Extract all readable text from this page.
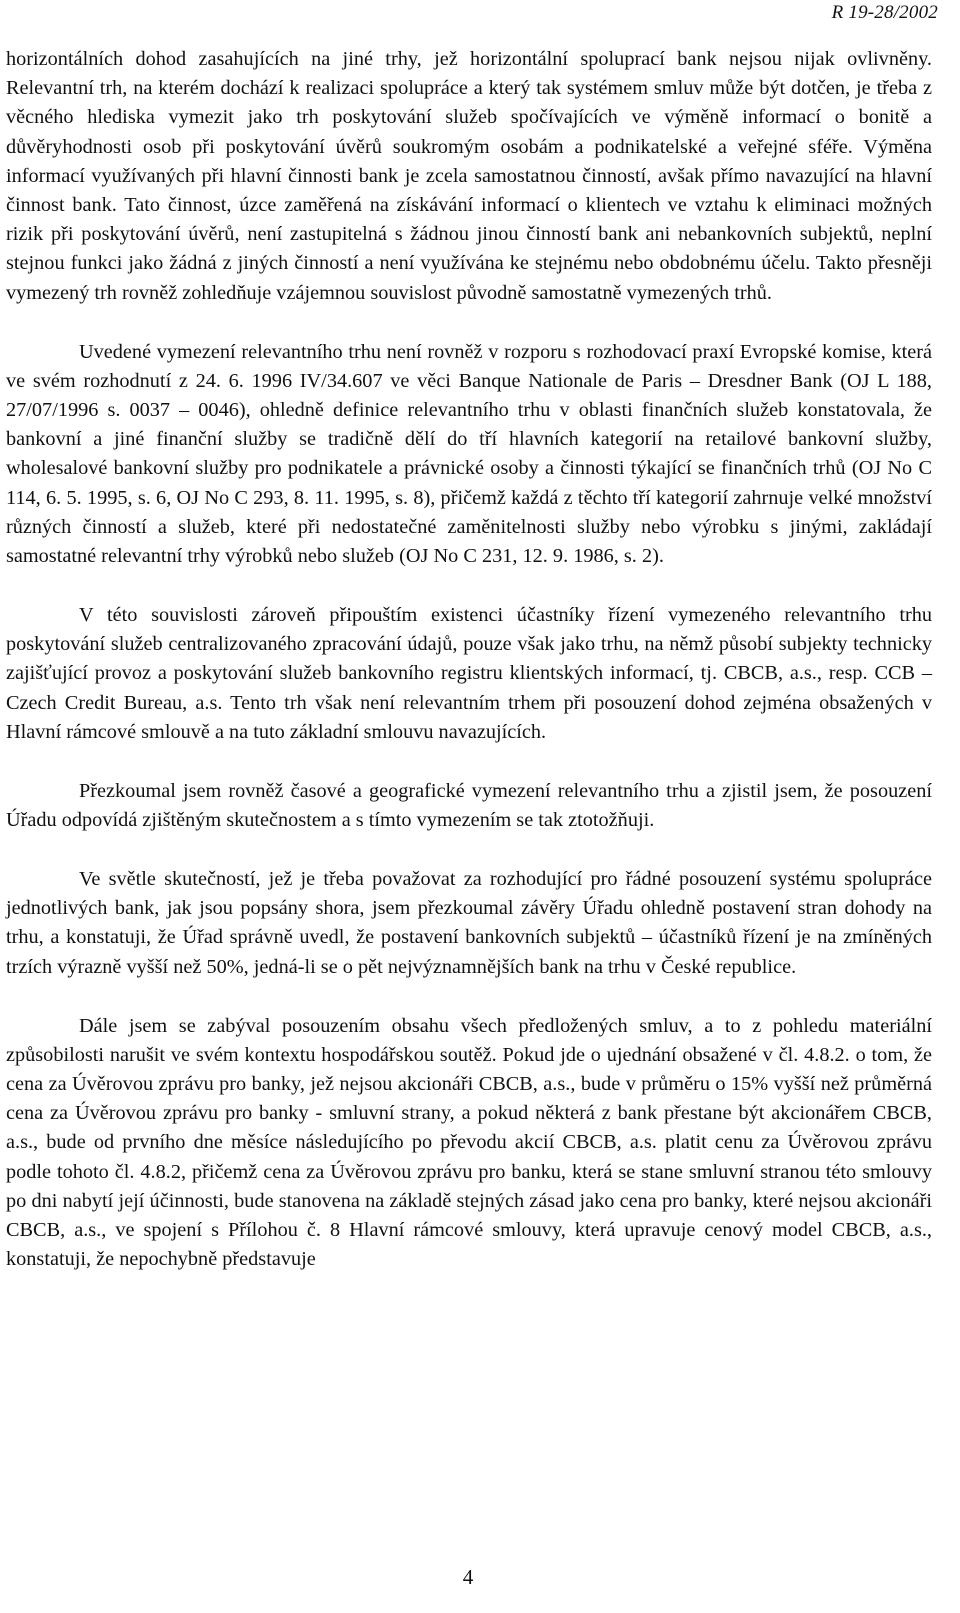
R 19-28/2002

horizontálních dohod zasahujících na jiné trhy, jež horizontální spoluprací bank nejsou nijak ovlivněny. Relevantní trh, na kterém dochází k realizaci spolupráce a který tak systémem smluv může být dotčen, je třeba z věcného hlediska vymezit jako trh poskytování služeb spočívajících ve výměně informací o bonitě a důvěryhodnosti osob při poskytování úvěrů soukromým osobám a podnikatelské a veřejné sféře. Výměna informací využívaných při hlavní činnosti bank je zcela samostatnou činností, avšak přímo navazující na hlavní činnost bank. Tato činnost, úzce zaměřená na získávání informací o klientech ve vztahu k eliminaci možných rizik při poskytování úvěrů, není zastupitelná s žádnou jinou činností bank ani nebankovních subjektů, neplní stejnou funkci jako žádná z jiných činností a není využívána ke stejnému nebo obdobnému účelu. Takto přesněji vymezený trh rovněž zohledňuje vzájemnou souvislost původně samostatně vymezených trhů.

Uvedené vymezení relevantního trhu není rovněž v rozporu s rozhodovací praxí Evropské komise, která ve svém rozhodnutí z 24. 6. 1996 IV/34.607 ve věci Banque Nationale de Paris – Dresdner Bank (OJ L 188, 27/07/1996 s. 0037 – 0046), ohledně definice relevantního trhu v oblasti finančních služeb konstatovala, že bankovní a jiné finanční služby se tradičně dělí do tří hlavních kategorií na retailové bankovní služby, wholesalové bankovní služby pro podnikatele a právnické osoby a činnosti týkající se finančních trhů (OJ No C 114, 6. 5. 1995, s. 6, OJ No C 293, 8. 11. 1995, s. 8), přičemž každá z těchto tří kategorií zahrnuje velké množství různých činností a služeb, které při nedostatečné zaměnitelnosti služby nebo výrobku s jinými, zakládají samostatné relevantní trhy výrobků nebo služeb (OJ No C 231, 12. 9. 1986, s. 2).

V této souvislosti zároveň připouštím existenci účastníky řízení vymezeného relevantního trhu poskytování služeb centralizovaného zpracování údajů, pouze však jako trhu, na němž působí subjekty technicky zajišťující provoz a poskytování služeb bankovního registru klientských informací, tj. CBCB, a.s., resp. CCB – Czech Credit Bureau, a.s. Tento trh však není relevantním trhem při posouzení dohod zejména obsažených v Hlavní rámcové smlouvě a na tuto základní smlouvu navazujících.

Přezkoumal jsem rovněž časové a geografické vymezení relevantního trhu a zjistil jsem, že posouzení Úřadu odpovídá zjištěným skutečnostem a s tímto vymezením se tak ztotožňuji.

Ve světle skutečností, jež je třeba považovat za rozhodující pro řádné posouzení systému spolupráce jednotlivých bank, jak jsou popsány shora, jsem přezkoumal závěry Úřadu ohledně postavení stran dohody na trhu, a konstatuji, že Úřad správně uvedl, že postavení bankovních subjektů – účastníků řízení je na zmíněných trzích výrazně vyšší než 50%, jedná-li se o pět nejvýznamnějších bank na trhu v České republice.

Dále jsem se zabýval posouzením obsahu všech předložených smluv, a to z pohledu materiální způsobilosti narušit ve svém kontextu hospodářskou soutěž. Pokud jde o ujednání obsažené v čl. 4.8.2. o tom, že cena za Úvěrovou zprávu pro banky, jež nejsou akcionáři CBCB, a.s., bude v průměru o 15% vyšší než průměrná cena za Úvěrovou zprávu pro banky - smluvní strany, a pokud některá z bank přestane být akcionářem CBCB, a.s., bude od prvního dne měsíce následujícího po převodu akcií CBCB, a.s. platit cenu za Úvěrovou zprávu podle tohoto čl. 4.8.2, přičemž cena za Úvěrovou zprávu pro banku, která se stane smluvní stranou této smlouvy po dni nabytí její účinnosti, bude stanovena na základě stejných zásad jako cena pro banky, které nejsou akcionáři CBCB, a.s., ve spojení s Přílohou č. 8 Hlavní rámcové smlouvy, která upravuje cenový model CBCB, a.s., konstatuji, že nepochybně představuje

4
